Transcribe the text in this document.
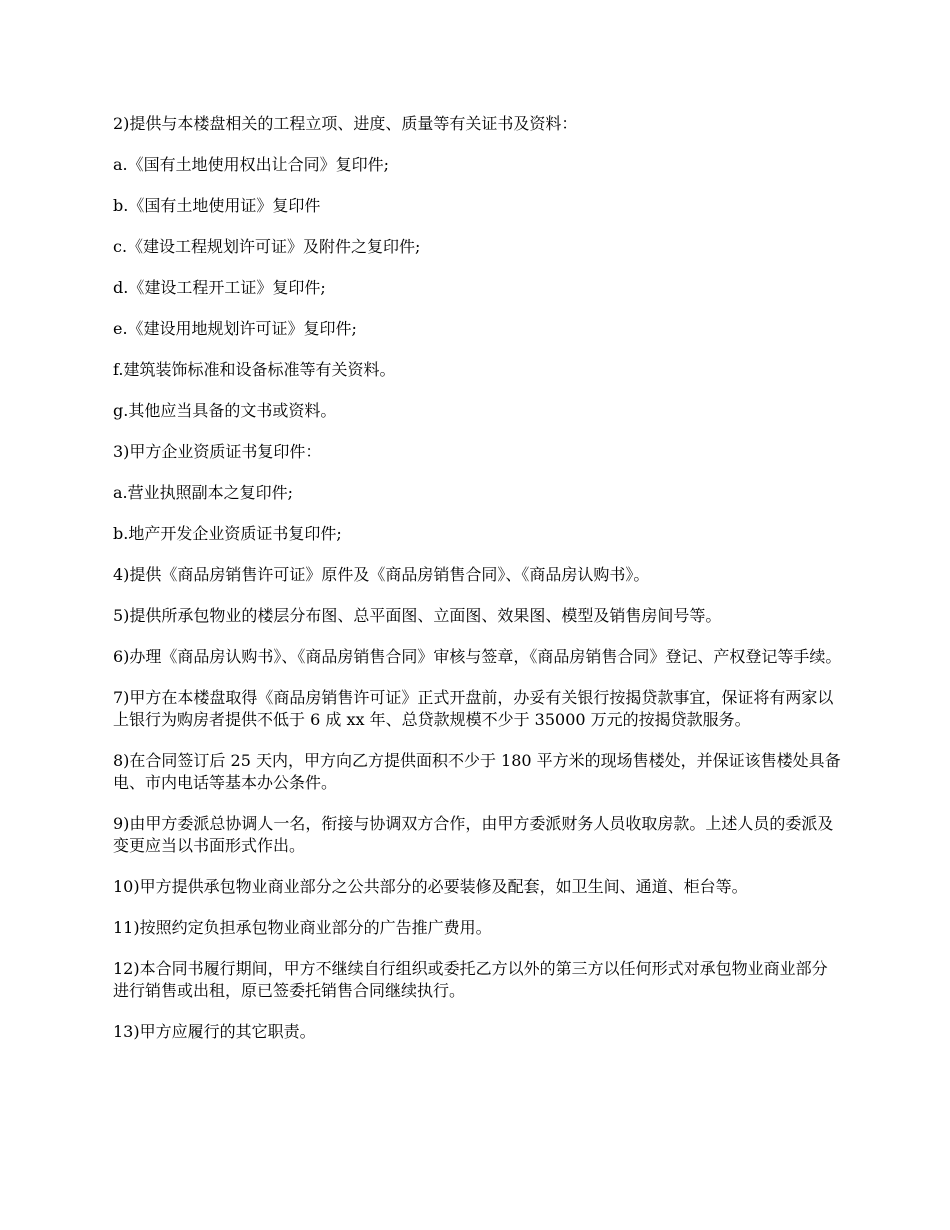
2)提供与本楼盘相关的工程立项、进度、质量等有关证书及资料：

a.《国有土地使用权出让合同》复印件;

b.《国有土地使用证》复印件

c.《建设工程规划许可证》及附件之复印件;

d.《建设工程开工证》复印件;

e.《建设用地规划许可证》复印件;

f.建筑装饰标准和设备标准等有关资料。

g.其他应当具备的文书或资料。

3)甲方企业资质证书复印件：

a.营业执照副本之复印件;

b.地产开发企业资质证书复印件;

4)提供《商品房销售许可证》原件及《商品房销售合同》、《商品房认购书》。

5)提供所承包物业的楼层分布图、总平面图、立面图、效果图、模型及销售房间号等。

6)办理《商品房认购书》、《商品房销售合同》审核与签章，《商品房销售合同》登记、产权登记等手续。

7)甲方在本楼盘取得《商品房销售许可证》正式开盘前，办妥有关银行按揭贷款事宜，保证将有两家以上银行为购房者提供不低于 6 成 xx 年、总贷款规模不少于 35000 万元的按揭贷款服务。

8)在合同签订后 25 天内，甲方向乙方提供面积不少于 180 平方米的现场售楼处，并保证该售楼处具备电、市内电话等基本办公条件。

9)由甲方委派总协调人一名，衔接与协调双方合作，由甲方委派财务人员收取房款。上述人员的委派及变更应当以书面形式作出。

10)甲方提供承包物业商业部分之公共部分的必要装修及配套，如卫生间、通道、柜台等。

11)按照约定负担承包物业商业部分的广告推广费用。

12)本合同书履行期间，甲方不继续自行组织或委托乙方以外的第三方以任何形式对承包物业商业部分进行销售或出租，原已签委托销售合同继续执行。

13)甲方应履行的其它职责。
